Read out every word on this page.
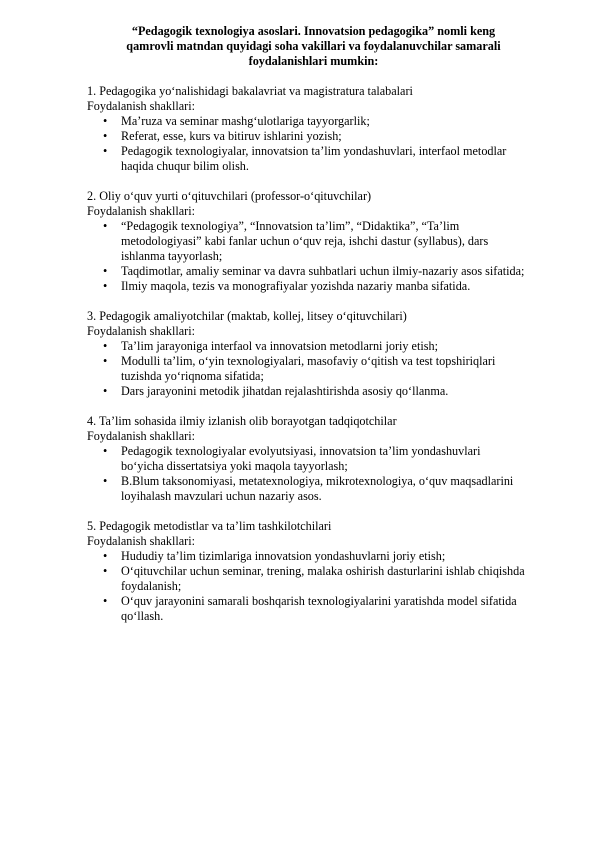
“Pedagogik texnologiya asoslari. Innovatsion pedagogika” nomli keng
qamrovli matndan quyidagi soha vakillari va foydalanuvchilar samarali
foydalanishlari mumkin:

1. Pedagogika yo‘nalishidagi bakalavriat va magistratura talabalari

Foydalanish shakllari:

• Ma’ruza va seminar mashg‘ulotlariga tayyorgarlik;
• Referat, esse, kurs va bitiruv ishlarini yozish;
• Pedagogik texnologiyalar, innovatsion ta’lim yondashuvlari, interfaol metodlar haqida chuqur bilim olish.

2. Oliy o‘quv yurti o‘qituvchilari (professor-o‘qituvchilar)

Foydalanish shakllari:

• “Pedagogik texnologiya”, “Innovatsion ta’lim”, “Didaktika”, “Ta’lim metodologiyasi” kabi fanlar uchun o‘quv reja, ishchi dastur (syllabus), dars ishlanma tayyorlash;
• Taqdimotlar, amaliy seminar va davra suhbatlari uchun ilmiy-nazariy asos sifatida;
• Ilmiy maqola, tezis va monografiyalar yozishda nazariy manba sifatida.

3. Pedagogik amaliyotchilar (maktab, kollej, litsey o‘qituvchilari)

Foydalanish shakllari:

• Ta’lim jarayoniga interfaol va innovatsion metodlarni joriy etish;
• Modulli ta’lim, o‘yin texnologiyalari, masofaviy o‘qitish va test topshiriqlari tuzishda yo‘riqnoma sifatida;
• Dars jarayonini metodik jihatdan rejalashtirishda asosiy qo‘llanma.

4. Ta’lim sohasida ilmiy izlanish olib borayotgan tadqiqotchilar

Foydalanish shakllari:

• Pedagogik texnologiyalar evolyutsiyasi, innovatsion ta’lim yondashuvlari bo‘yicha dissertatsiya yoki maqola tayyorlash;
• B.Blum taksonomiyasi, metatexnologiya, mikrotexnologiya, o‘quv maqsadlarini loyihalash mavzulari uchun nazariy asos.

5. Pedagogik metodistlar va ta’lim tashkilotchilari

Foydalanish shakllari:

• Hududiy ta’lim tizimlariga innovatsion yondashuvlarni joriy etish;
• O‘qituvchilar uchun seminar, trening, malaka oshirish dasturlarini ishlab chiqishda foydalanish;
• O‘quv jarayonini samarali boshqarish texnologiyalarini yaratishda model sifatida qo‘llash.
